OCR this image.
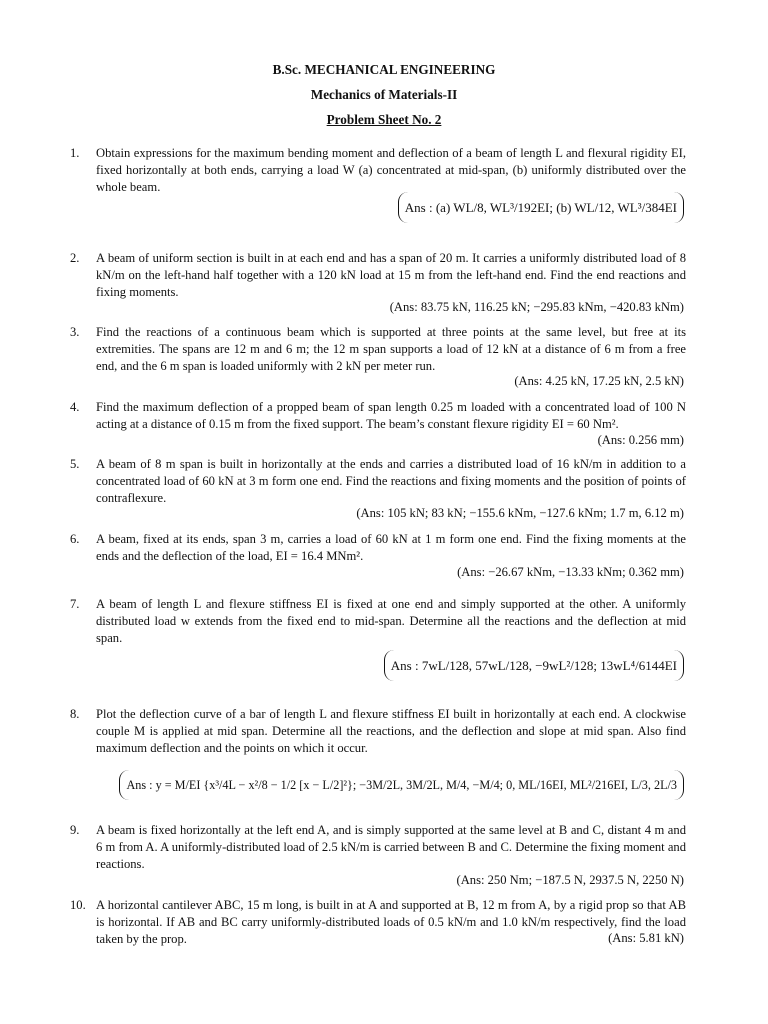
B.Sc. MECHANICAL ENGINEERING
Mechanics of Materials-II
Problem Sheet No. 2
1. Obtain expressions for the maximum bending moment and deflection of a beam of length L and flexural rigidity EI, fixed horizontally at both ends, carrying a load W (a) concentrated at mid-span, (b) uniformly distributed over the whole beam.
Ans : (a) WL/8, WL³/192EI; (b) WL/12, WL³/384EI
2. A beam of uniform section is built in at each end and has a span of 20 m. It carries a uniformly distributed load of 8 kN/m on the left-hand half together with a 120 kN load at 15 m from the left-hand end. Find the end reactions and fixing moments.
(Ans: 83.75 kN, 116.25 kN; −295.83 kNm, −420.83 kNm)
3. Find the reactions of a continuous beam which is supported at three points at the same level, but free at its extremities. The spans are 12 m and 6 m; the 12 m span supports a load of 12 kN at a distance of 6 m from a free end, and the 6 m span is loaded uniformly with 2 kN per meter run.
(Ans: 4.25 kN, 17.25 kN, 2.5 kN)
4. Find the maximum deflection of a propped beam of span length 0.25 m loaded with a concentrated load of 100 N acting at a distance of 0.15 m from the fixed support. The beam’s constant flexure rigidity EI = 60 Nm².
(Ans: 0.256 mm)
5. A beam of 8 m span is built in horizontally at the ends and carries a distributed load of 16 kN/m in addition to a concentrated load of 60 kN at 3 m form one end. Find the reactions and fixing moments and the position of points of contraflexure.
(Ans: 105 kN; 83 kN; −155.6 kNm, −127.6 kNm; 1.7 m, 6.12 m)
6. A beam, fixed at its ends, span 3 m, carries a load of 60 kN at 1 m form one end. Find the fixing moments at the ends and the deflection of the load, EI = 16.4 MNm².
(Ans: −26.67 kNm, −13.33 kNm; 0.362 mm)
7. A beam of length L and flexure stiffness EI is fixed at one end and simply supported at the other. A uniformly distributed load w extends from the fixed end to mid-span. Determine all the reactions and the deflection at mid span.
Ans : 7wL/128, 57wL/128, −9wL²/128; 13wL⁴/6144EI
8. Plot the deflection curve of a bar of length L and flexure stiffness EI built in horizontally at each end. A clockwise couple M is applied at mid span. Determine all the reactions, and the deflection and slope at mid span. Also find maximum deflection and the points on which it occur.
Ans : y = M/EI {x³/4L − x²/8 − 1/2 [x − L/2]²}; −3M/2L, 3M/2L, M/4, −M/4; 0, ML/16EI, ML²/216EI, L/3, 2L/3
9. A beam is fixed horizontally at the left end A, and is simply supported at the same level at B and C, distant 4 m and 6 m from A. A uniformly-distributed load of 2.5 kN/m is carried between B and C. Determine the fixing moment and reactions.
(Ans: 250 Nm; −187.5 N, 2937.5 N, 2250 N)
10. A horizontal cantilever ABC, 15 m long, is built in at A and supported at B, 12 m from A, by a rigid prop so that AB is horizontal. If AB and BC carry uniformly-distributed loads of 0.5 kN/m and 1.0 kN/m respectively, find the load taken by the prop.	(Ans: 5.81 kN)
